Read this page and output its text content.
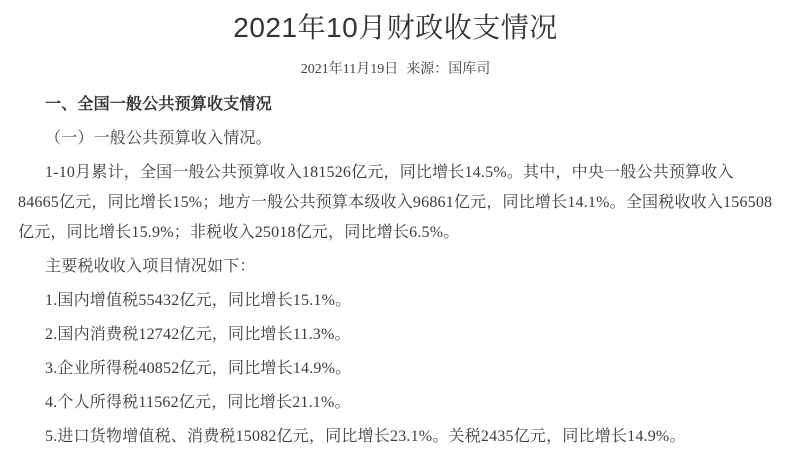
2021年10月财政收支情况
2021年11月19日 来源：国库司

一、全国一般公共预算收支情况

（一）一般公共预算收入情况。

1-10月累计，全国一般公共预算收入181526亿元，同比增长14.5%。其中，中央一般公共预算收入84665亿元，同比增长15%；地方一般公共预算本级收入96861亿元，同比增长14.1%。全国税收收入156508亿元，同比增长15.9%；非税收入25018亿元，同比增长6.5%。

主要税收收入项目情况如下：

1.国内增值税55432亿元，同比增长15.1%。

2.国内消费税12742亿元，同比增长11.3%。

3.企业所得税40852亿元，同比增长14.9%。

4.个人所得税11562亿元，同比增长21.1%。

5.进口货物增值税、消费税15082亿元，同比增长23.1%。关税2435亿元，同比增长14.9%。
